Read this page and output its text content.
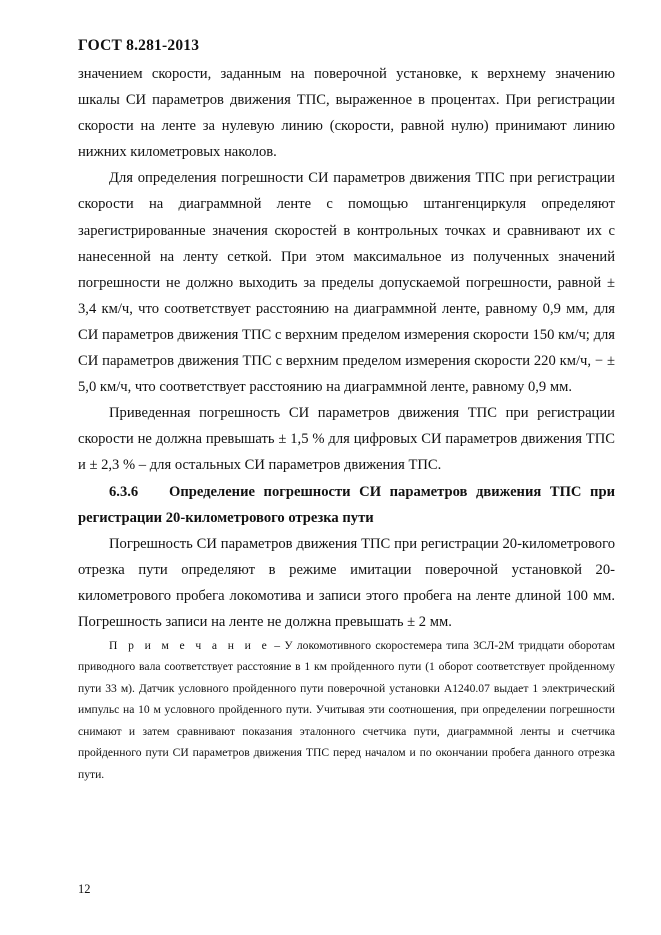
ГОСТ 8.281-2013

значением скорости, заданным на поверочной установке, к верхнему значению шкалы СИ параметров движения ТПС, выраженное в процентах. При регистрации скорости на ленте за нулевую линию (скорости, равной нулю) принимают линию нижних километровых наколов.

Для определения погрешности СИ параметров движения ТПС при регистрации скорости на диаграммной ленте с помощью штангенциркуля определяют зарегистрированные значения скоростей в контрольных точках и сравнивают их с нанесенной на ленту сеткой. При этом максимальное из полученных значений погрешности не должно выходить за пределы допускаемой погрешности, равной ± 3,4 км/ч, что соответствует расстоянию на диаграммной ленте, равному 0,9 мм, для СИ параметров движения ТПС с верхним пределом измерения скорости 150 км/ч; для СИ параметров движения ТПС с верхним пределом измерения скорости 220 км/ч, − ± 5,0 км/ч, что соответствует расстоянию на диаграммной ленте, равному 0,9 мм.

Приведенная погрешность СИ параметров движения ТПС при регистрации скорости не должна превышать ± 1,5 % для цифровых СИ параметров движения ТПС и ± 2,3 % – для остальных СИ параметров движения ТПС.

6.3.6 Определение погрешности СИ параметров движения ТПС при регистрации 20-километрового отрезка пути

Погрешность СИ параметров движения ТПС при регистрации 20-километрового отрезка пути определяют в режиме имитации поверочной установкой 20-километрового пробега локомотива и записи этого пробега на ленте длиной 100 мм. Погрешность записи на ленте не должна превышать ± 2 мм.

П р и м е ч а н и е – У локомотивного скоростемера типа 3СЛ-2М тридцати оборотам приводного вала соответствует расстояние в 1 км пройденного пути (1 оборот соответствует пройденному пути 33 м). Датчик условного пройденного пути поверочной установки А1240.07 выдает 1 электрический импульс на 10 м условного пройденного пути. Учитывая эти соотношения, при определении погрешности снимают и затем сравнивают показания эталонного счетчика пути, диаграммной ленты и счетчика пройденного пути СИ параметров движения ТПС перед началом и по окончании пробега данного отрезка пути.

12
